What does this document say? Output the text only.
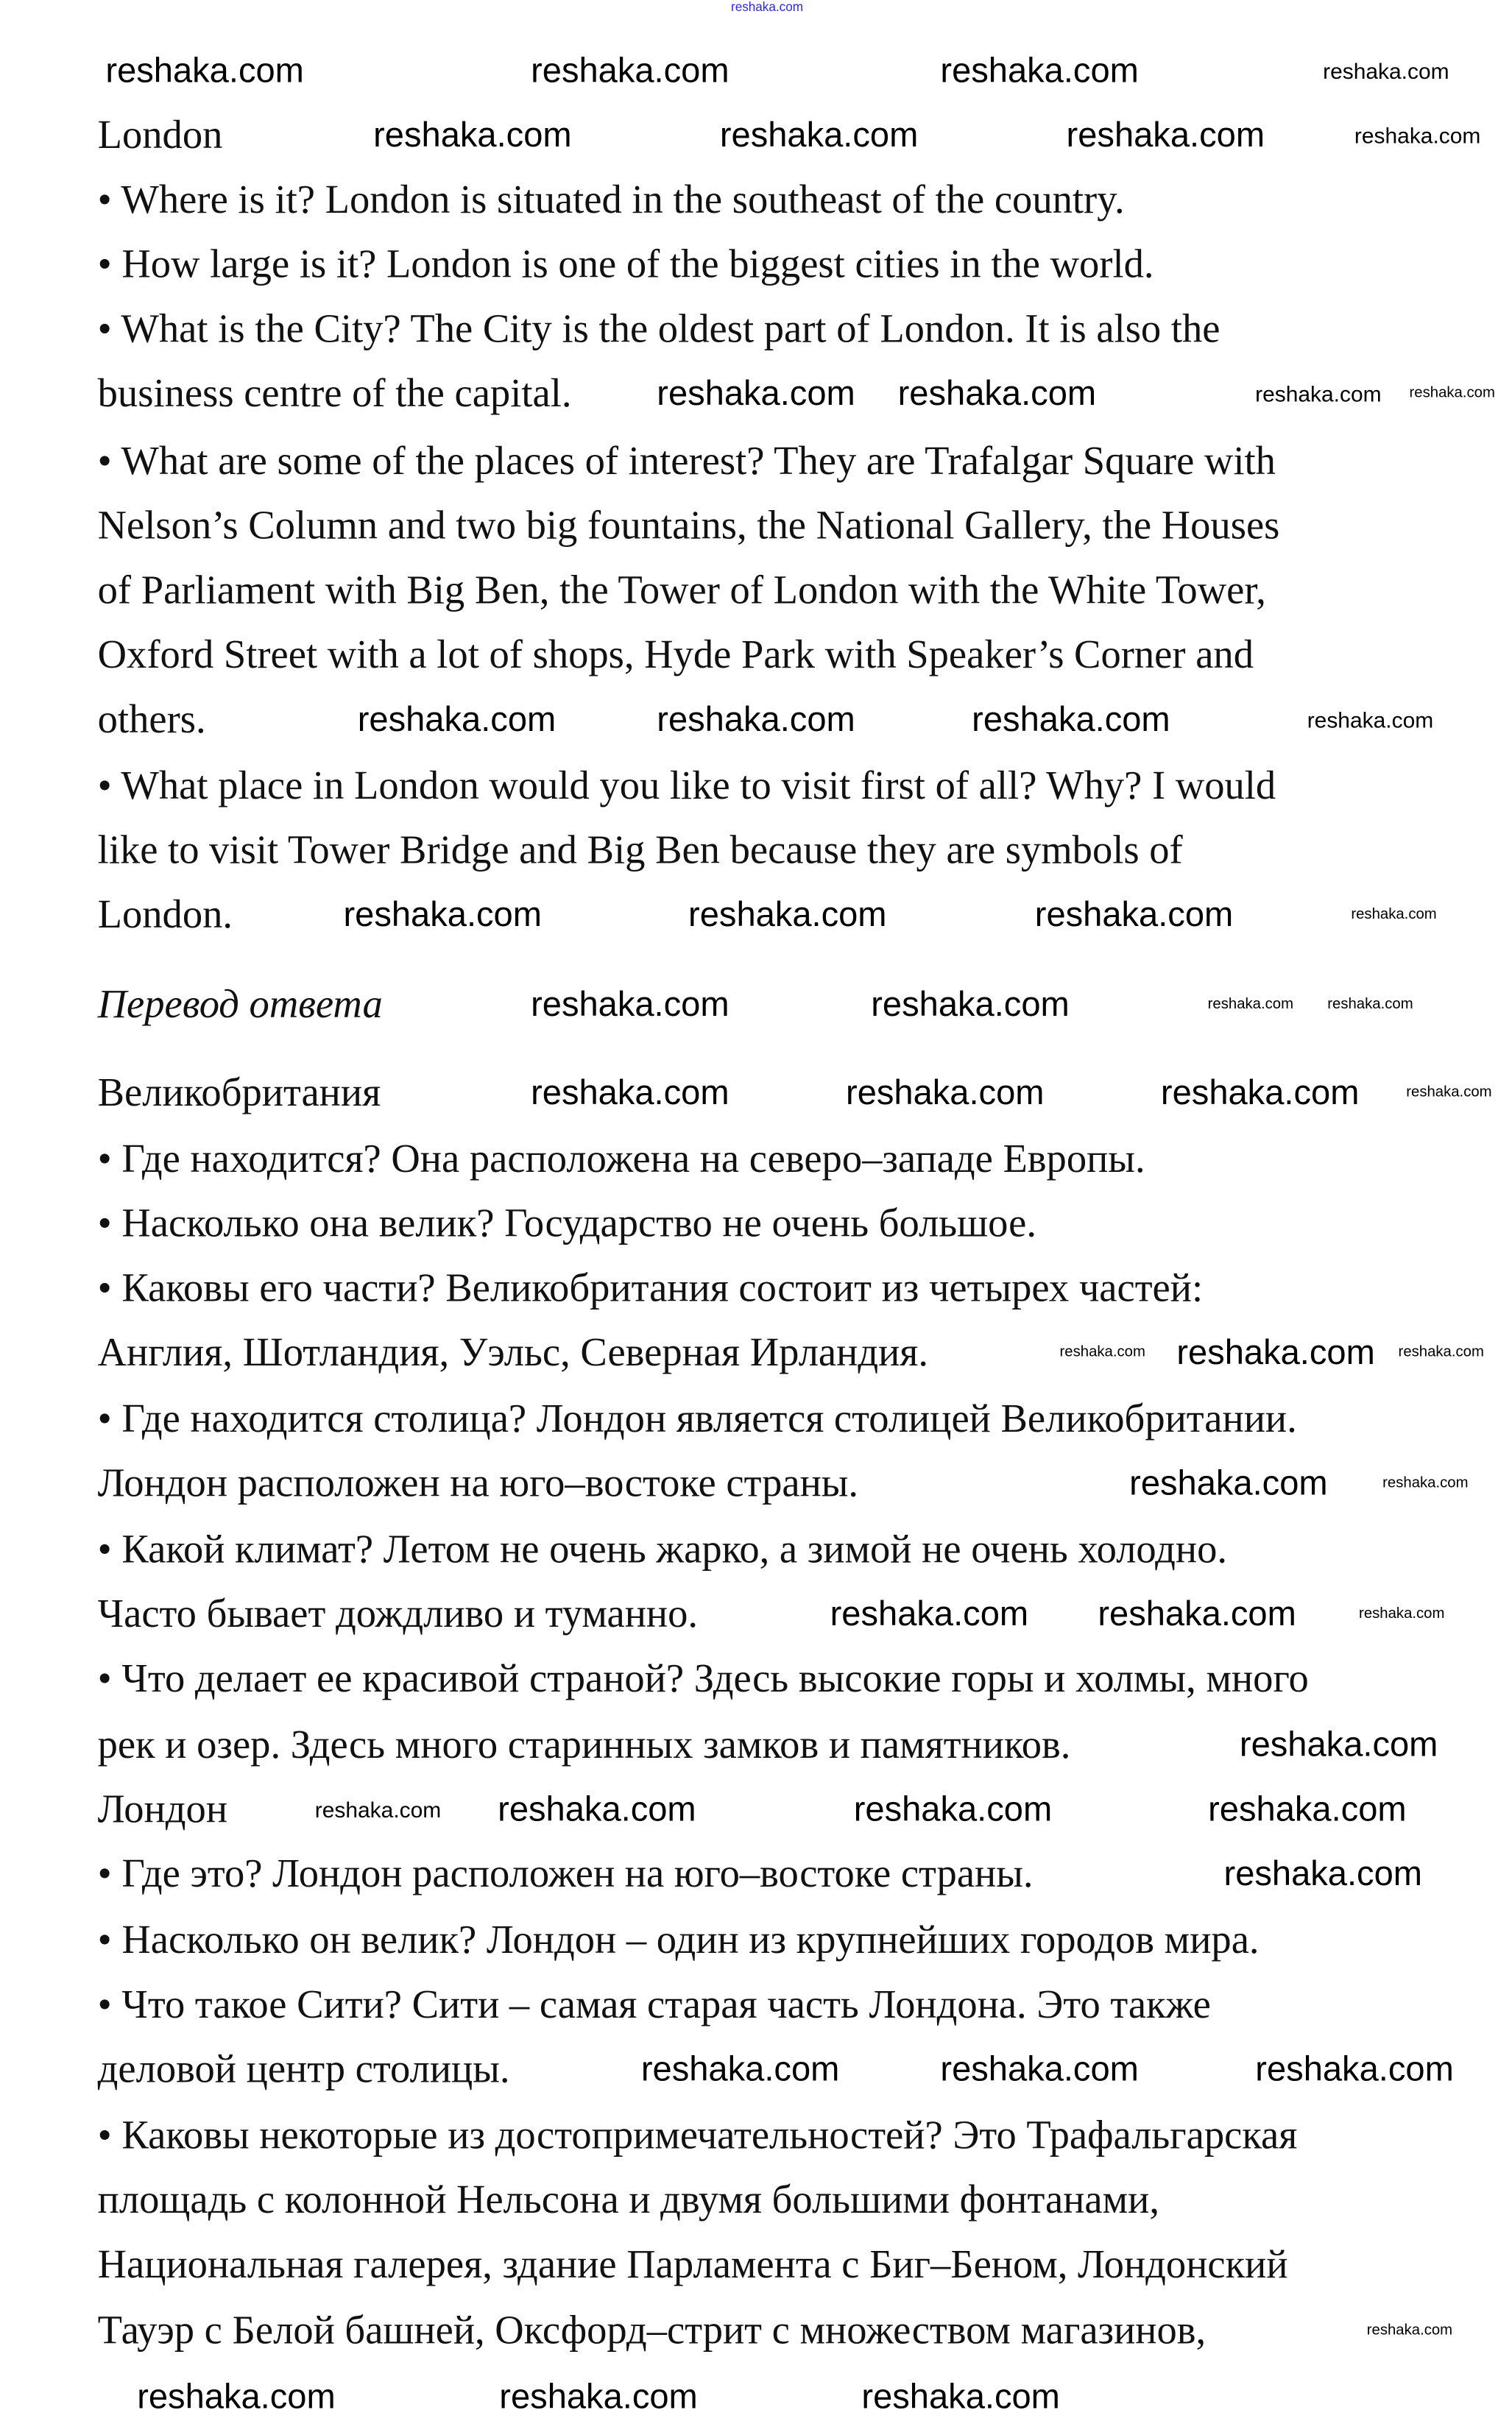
reshaka.com
London
• Where is it? London is situated in the southeast of the country.
• How large is it? London is one of the biggest cities in the world.
• What is the City? The City is the oldest part of London. It is also the
business centre of the capital.
• What are some of the places of interest? They are Trafalgar Square with
Nelson’s Column and two big fountains, the National Gallery, the Houses
of Parliament with Big Ben, the Tower of London with the White Tower,
Oxford Street with a lot of shops, Hyde Park with Speaker’s Corner and
others.
• What place in London would you like to visit first of all? Why? I would
like to visit Tower Bridge and Big Ben because they are symbols of
London.
Перевод ответа
Великобритания
• Где находится? Она расположена на северо–западе Европы.
• Насколько она велик? Государство не очень большое.
• Каковы его части? Великобритания состоит из четырех частей:
Англия, Шотландия, Уэльс, Северная Ирландия.
• Где находится столица? Лондон является столицей Великобритании.
Лондон расположен на юго–востоке страны.
• Какой климат? Летом не очень жарко, а зимой не очень холодно.
Часто бывает дождливо и туманно.
• Что делает ее красивой страной? Здесь высокие горы и холмы, много
рек и озер. Здесь много старинных замков и памятников.
Лондон
• Где это? Лондон расположен на юго–востоке страны.
• Насколько он велик? Лондон – один из крупнейших городов мира.
• Что такое Сити? Сити – самая старая часть Лондона. Это также
деловой центр столицы.
• Каковы некоторые из достопримечательностей? Это Трафальгарская
площадь с колонной Нельсона и двумя большими фонтанами,
Национальная галерея, здание Парламента с Биг–Беном, Лондонский
Тауэр с Белой башней, Оксфорд–стрит с множеством магазинов,
reshaka.com	reshaka.com	reshaka.com	reshaka.com
reshaka.com	reshaka.com	reshaka.com	reshaka.com
reshaka.com	reshaka.com	reshaka.com	reshaka.com
reshaka.com	reshaka.com	reshaka.com	reshaka.com
reshaka.com	reshaka.com	reshaka.com	reshaka.com
reshaka.com	reshaka.com	reshaka.com	reshaka.com
reshaka.com	reshaka.com	reshaka.com	reshaka.com
reshaka.com reshaka.com	reshaka.com
reshaka.com	reshaka.com
reshaka.com	reshaka.com	reshaka.com
reshaka.com
reshaka.com	reshaka.com	reshaka.com	reshaka.com
reshaka.com
reshaka.com	reshaka.com	reshaka.com
reshaka.com
reshaka.com	reshaka.com	reshaka.com
